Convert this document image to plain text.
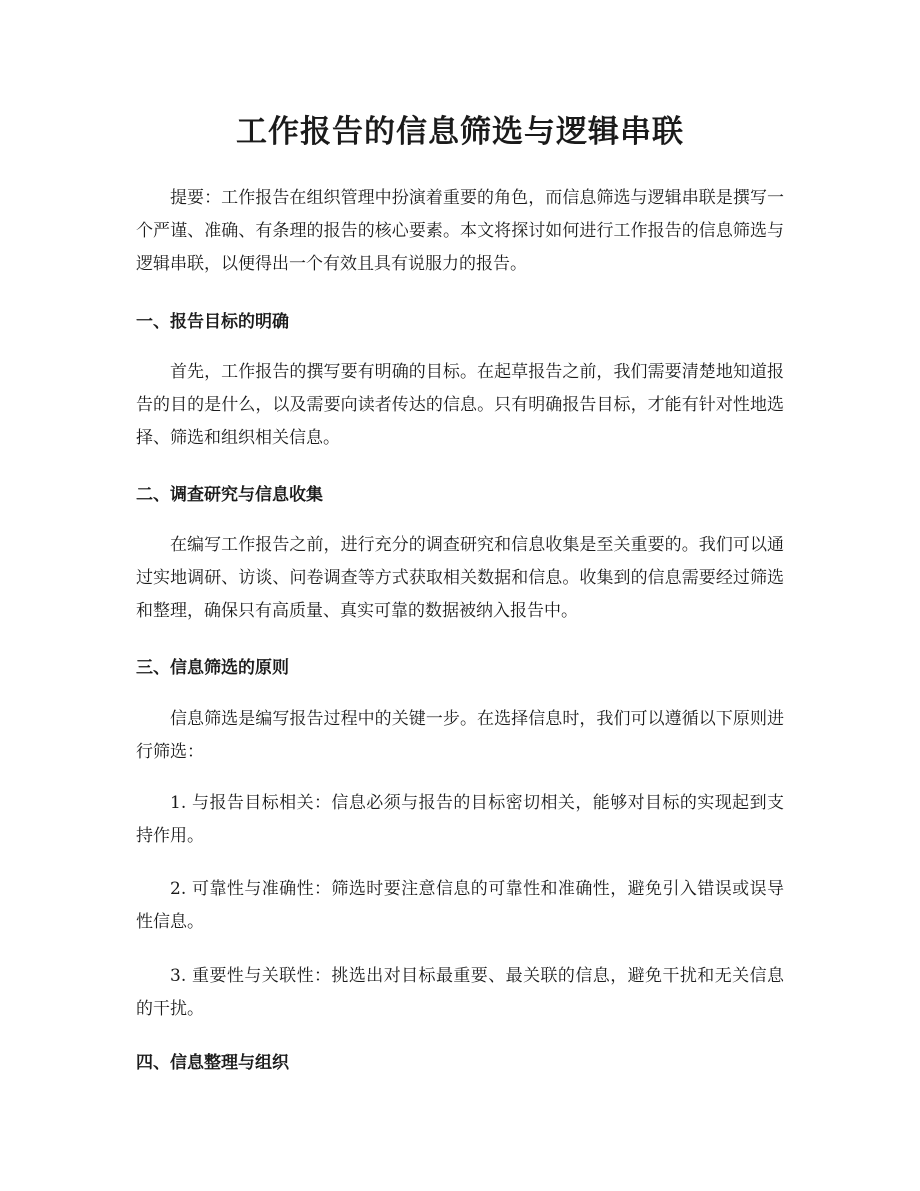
工作报告的信息筛选与逻辑串联

提要：工作报告在组织管理中扮演着重要的角色，而信息筛选与逻辑串联是撰写一个严谨、准确、有条理的报告的核心要素。本文将探讨如何进行工作报告的信息筛选与逻辑串联，以便得出一个有效且具有说服力的报告。

一、报告目标的明确

首先，工作报告的撰写要有明确的目标。在起草报告之前，我们需要清楚地知道报告的目的是什么，以及需要向读者传达的信息。只有明确报告目标，才能有针对性地选择、筛选和组织相关信息。

二、调查研究与信息收集

在编写工作报告之前，进行充分的调查研究和信息收集是至关重要的。我们可以通过实地调研、访谈、问卷调查等方式获取相关数据和信息。收集到的信息需要经过筛选和整理，确保只有高质量、真实可靠的数据被纳入报告中。

三、信息筛选的原则

信息筛选是编写报告过程中的关键一步。在选择信息时，我们可以遵循以下原则进行筛选：

1. 与报告目标相关：信息必须与报告的目标密切相关，能够对目标的实现起到支持作用。

2. 可靠性与准确性：筛选时要注意信息的可靠性和准确性，避免引入错误或误导性信息。

3. 重要性与关联性：挑选出对目标最重要、最关联的信息，避免干扰和无关信息的干扰。

四、信息整理与组织
